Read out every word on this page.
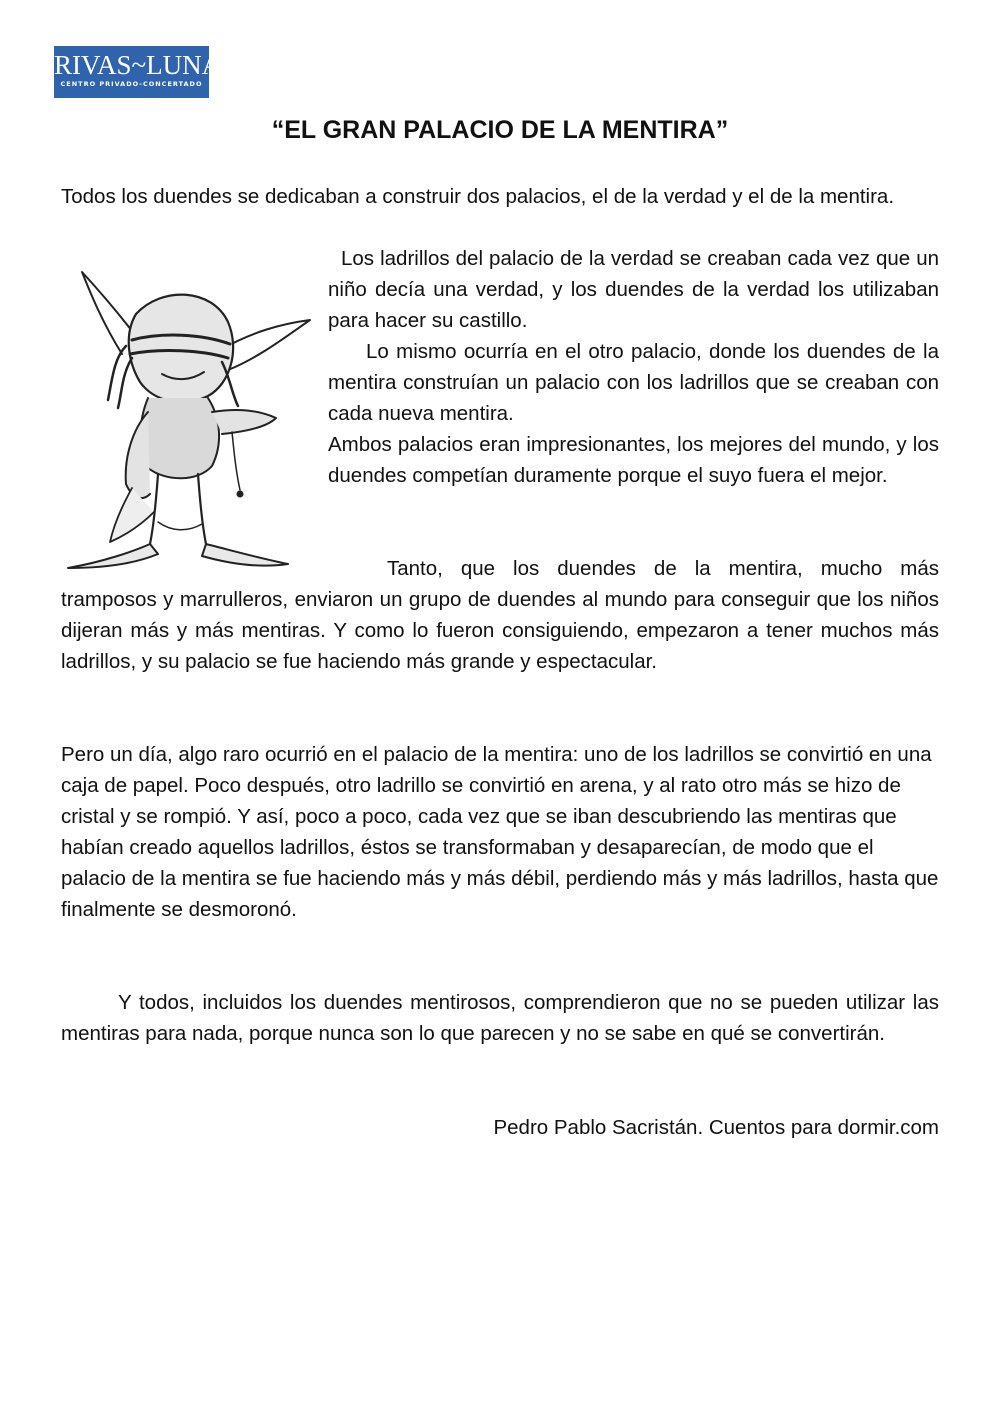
RIVAS~LUNA
CENTRO PRIVADO-CONCERTADO
“EL GRAN PALACIO DE LA MENTIRA”

Todos los duendes se dedicaban a construir dos palacios, el de la verdad y el de la mentira.

Los ladrillos del palacio de la verdad se creaban cada vez que un niño decía una verdad, y los duendes de la verdad los utilizaban para hacer su castillo.
Lo mismo ocurría en el otro palacio, donde los duendes de la mentira construían un palacio con los ladrillos que se creaban con cada nueva mentira.
Ambos palacios eran impresionantes, los mejores del mundo, y los duendes competían duramente porque el suyo fuera el mejor.

Tanto, que los duendes de la mentira, mucho más tramposos y marrulleros, enviaron un grupo de duendes al mundo para conseguir que los niños dijeran más y más mentiras. Y como lo fueron consiguiendo, empezaron a tener muchos más ladrillos, y su palacio se fue haciendo más grande y espectacular.

Pero un día, algo raro ocurrió en el palacio de la mentira: uno de los ladrillos se convirtió en una caja de papel. Poco después, otro ladrillo se convirtió en arena, y al rato otro más se hizo de cristal y se rompió. Y así, poco a poco, cada vez que se iban descubriendo las mentiras que habían creado aquellos ladrillos, éstos se transformaban y desaparecían, de modo que el palacio de la mentira se fue haciendo más y más débil, perdiendo más y más ladrillos, hasta que finalmente se desmoronó.

Y todos, incluidos los duendes mentirosos, comprendieron que no se pueden utilizar las mentiras para nada, porque nunca son lo que parecen y no se sabe en qué se convertirán.

Pedro Pablo Sacristán. Cuentos para dormir.com
